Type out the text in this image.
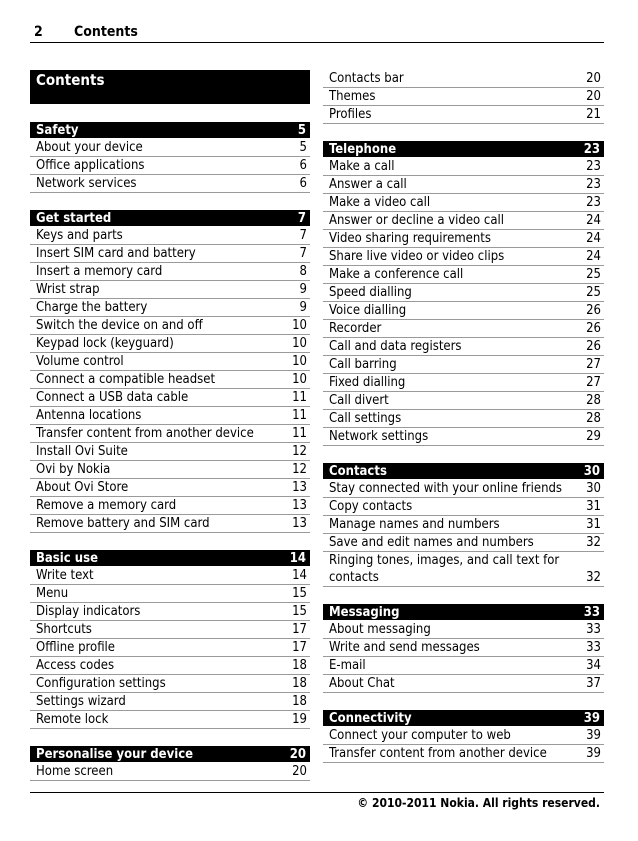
2 Contents
Contents
Safety	5
About your device	5
Office applications	6
Network services	6
Get started	7
Keys and parts	7
Insert SIM card and battery	7
Insert a memory card	8
Wrist strap	9
Charge the battery	9
Switch the device on and off	10
Keypad lock (keyguard)	10
Volume control	10
Connect a compatible headset	10
Connect a USB data cable	11
Antenna locations	11
Transfer content from another device	11
Install Ovi Suite	12
Ovi by Nokia	12
About Ovi Store	13
Remove a memory card	13
Remove battery and SIM card	13
Basic use	14
Write text	14
Menu	15
Display indicators	15
Shortcuts	17
Offline profile	17
Access codes	18
Configuration settings	18
Settings wizard	18
Remote lock	19
Personalise your device	20
Home screen	20
Contacts bar	20
Themes	20
Profiles	21
Telephone	23
Make a call	23
Answer a call	23
Make a video call	23
Answer or decline a video call	24
Video sharing requirements	24
Share live video or video clips	24
Make a conference call	25
Speed dialling	25
Voice dialling	26
Recorder	26
Call and data registers	26
Call barring	27
Fixed dialling	27
Call divert	28
Call settings	28
Network settings	29
Contacts	30
Stay connected with your online friends	30
Copy contacts	31
Manage names and numbers	31
Save and edit names and numbers	32
Ringing tones, images, and call text for contacts	32
Messaging	33
About messaging	33
Write and send messages	33
E-mail	34
About Chat	37
Connectivity	39
Connect your computer to web	39
Transfer content from another device	39
© 2010-2011 Nokia. All rights reserved.
